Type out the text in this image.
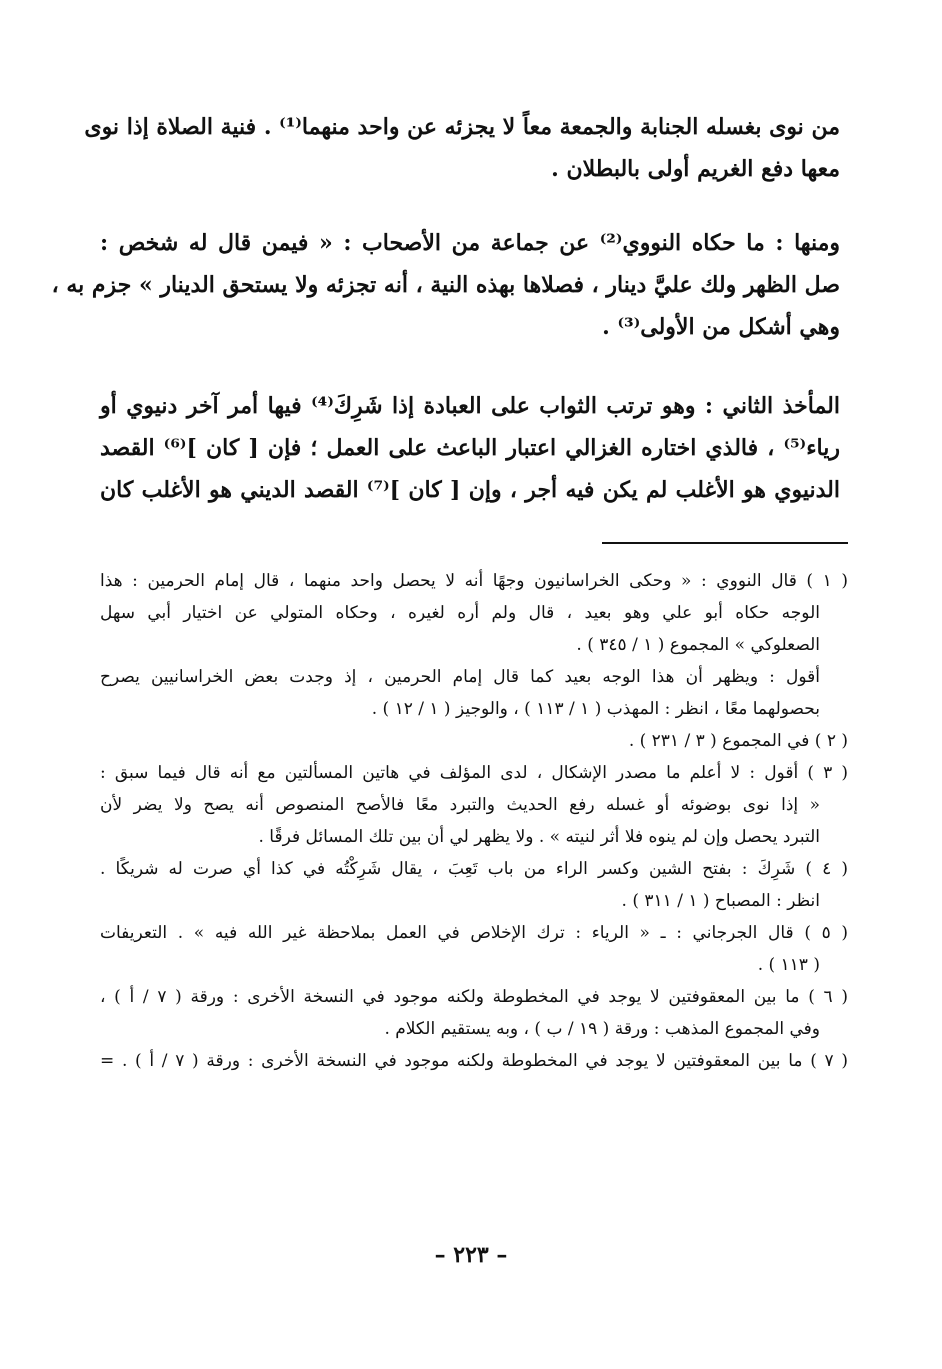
من نوى بغسله الجنابة والجمعة معاً لا يجزئه عن واحد منهما⁽¹⁾ . فنية الصلاة إذا نوى
معها دفع الغريم أولى بالبطلان .
ومنها : ما حكاه النووي⁽²⁾ عن جماعة من الأصحاب : « فيمن قال له شخص :
صل الظهر ولك عليَّ دينار ، فصلاها بهذه النية ، أنه تجزئه ولا يستحق الدينار » جزم به ،
وهي أشكل من الأولى⁽³⁾ .
المأخذ الثاني : وهو ترتب الثواب على العبادة إذا شَرِكَ⁽⁴⁾ فيها أمر آخر دنيوي أو
رياء⁽⁵⁾ ، فالذي اختاره الغزالي اعتبار الباعث على العمل ؛ فإن [ كان ]⁽⁶⁾ القصد
الدنيوي هو الأغلب لم يكن فيه أجر ، وإن [ كان ]⁽⁷⁾ القصد الديني هو الأغلب كان
( ١ ) قال النووي : « وحكى الخراسانيون وجهًا أنه لا يحصل واحد منهما ، قال إمام الحرمين : هذا
الوجه حكاه أبو علي وهو بعيد ، قال ولم أره لغيره ، وحكاه المتولي عن اختيار أبي سهل
الصعلوكي » المجموع ( ١ / ٣٤٥ ) .
أقول : ويظهر أن هذا الوجه بعيد كما قال إمام الحرمين ، إذ وجدت بعض الخراسانيين يصرح
بحصولهما معًا ، انظر : المهذب ( ١ / ١١٣ ) ، والوجيز ( ١ / ١٢ ) .
( ٢ ) في المجموع ( ٣ / ٢٣١ ) .
( ٣ ) أقول : لا أعلم ما مصدر الإشكال ، لدى المؤلف في هاتين المسألتين مع أنه قال فيما سبق :
« إذا نوى بوضوئه أو غسله رفع الحديث والتبرد معًا فالأصح المنصوص أنه يصح ولا يضر لأن
التبرد يحصل وإن لم ينوه فلا أثر لنيته » . ولا يظهر لي أن بين تلك المسائل فرقًا .
( ٤ ) شَرِكَ : بفتح الشين وكسر الراء من باب تَعِبَ ، يقال شَرِكْتُه في كذا أي صرت له شريكًا .
انظر : المصباح ( ١ / ٣١١ ) .
( ٥ ) قال الجرجاني : ـ « الرياء : ترك الإخلاص في العمل بملاحظة غير الله فيه » . التعريفات
( ١١٣ ) .
( ٦ ) ما بين المعقوفتين لا يوجد في المخطوطة ولكنه موجود في النسخة الأخرى : ورقة ( ٧ / أ ) ،
وفي المجموع المذهب : ورقة ( ١٩ / ب ) ، وبه يستقيم الكلام .
( ٧ ) ما بين المعقوفتين لا يوجد في المخطوطة ولكنه موجود في النسخة الأخرى : ورقة ( ٧ / أ ) . =
– ٢٢٣ –
